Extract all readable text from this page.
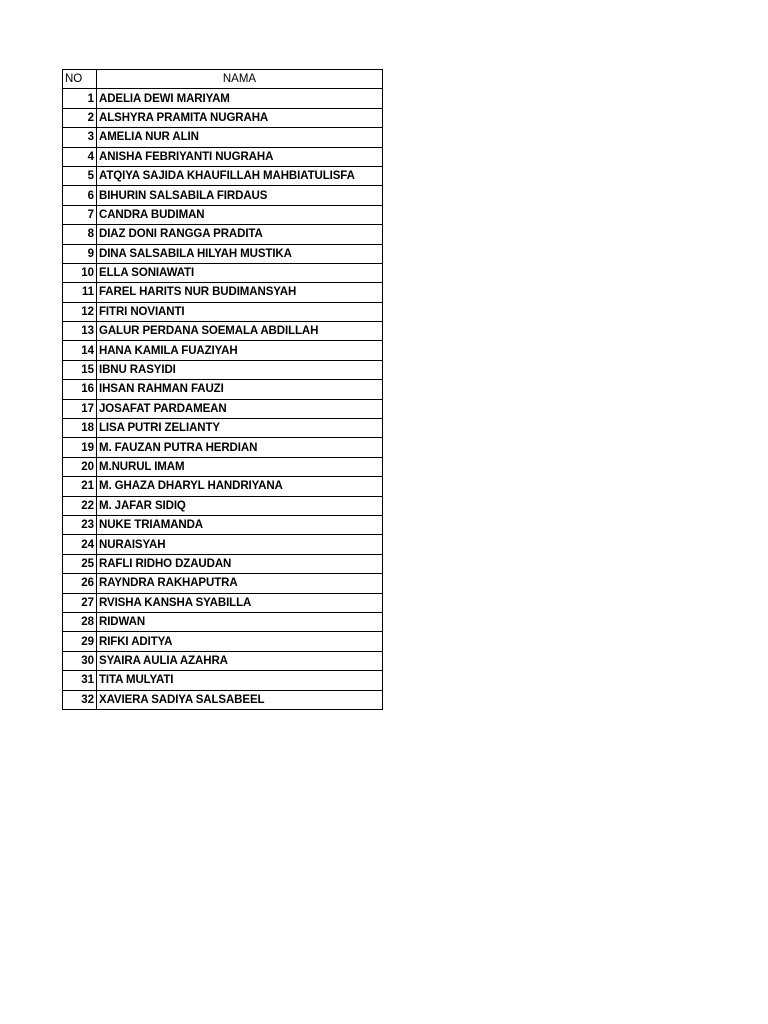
NO	NAMA
1	ADELIA DEWI MARIYAM
2	ALSHYRA PRAMITA NUGRAHA
3	AMELIA NUR ALIN
4	ANISHA FEBRIYANTI NUGRAHA
5	ATQIYA SAJIDA KHAUFILLAH MAHBIATULISFA
6	BIHURIN SALSABILA FIRDAUS
7	CANDRA BUDIMAN
8	DIAZ DONI RANGGA PRADITA
9	DINA SALSABILA HILYAH MUSTIKA
10	ELLA SONIAWATI
11	FAREL HARITS NUR BUDIMANSYAH
12	FITRI NOVIANTI
13	GALUR PERDANA SOEMALA ABDILLAH
14	HANA KAMILA FUAZIYAH
15	IBNU RASYIDI
16	IHSAN RAHMAN FAUZI
17	JOSAFAT PARDAMEAN
18	LISA PUTRI ZELIANTY
19	M. FAUZAN PUTRA HERDIAN
20	M.NURUL IMAM
21	M. GHAZA DHARYL HANDRIYANA
22	M. JAFAR SIDIQ
23	NUKE TRIAMANDA
24	NURAISYAH
25	RAFLI RIDHO DZAUDAN
26	RAYNDRA RAKHAPUTRA
27	RVISHA KANSHA SYABILLA
28	RIDWAN
29	RIFKI ADITYA
30	SYAIRA AULIA AZAHRA
31	TITA MULYATI
32	XAVIERA SADIYA SALSABEEL
